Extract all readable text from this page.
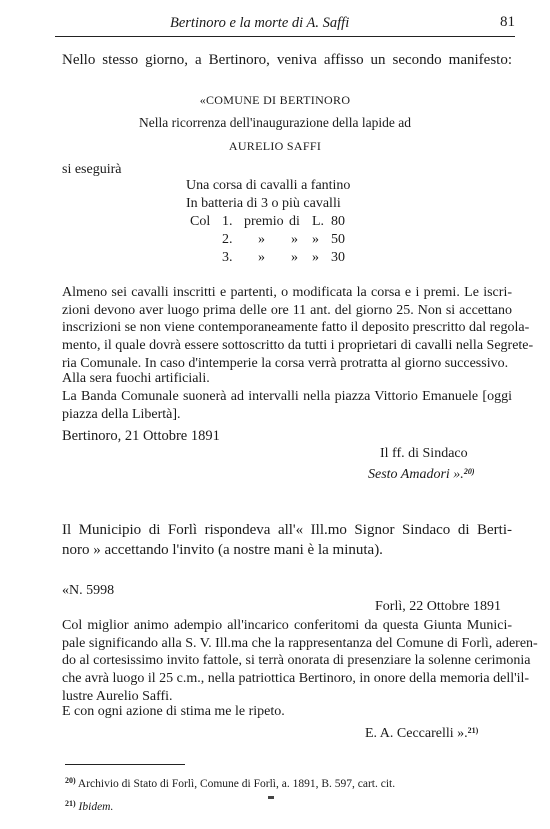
Bertinoro e la morte di A. Saffi	81
Nello stesso giorno, a Bertinoro, veniva affisso un secondo manifesto:
«COMUNE DI BERTINORO
Nella ricorrenza dell'inaugurazione della lapide ad
AURELIO SAFFI
si eseguirà
Una corsa di cavalli a fantino
In batteria di 3 o più cavalli
Col 1. premio di L. 80
2. » » » 50
3. » » » 30
Almeno sei cavalli inscritti e partenti, o modificata la corsa e i premi. Le iscri-
zioni devono aver luogo prima delle ore 11 ant. del giorno 25. Non si accettano
inscrizioni se non viene contemporaneamente fatto il deposito prescritto dal regola-
mento, il quale dovrà essere sottoscritto da tutti i proprietari di cavalli nella Segrete-
ria Comunale. In caso d'intemperie la corsa verrà protratta al giorno successivo.
Alla sera fuochi artificiali.
La Banda Comunale suonerà ad intervalli nella piazza Vittorio Emanuele [oggi
piazza della Libertà].
Bertinoro, 21 Ottobre 1891
Il ff. di Sindaco
Sesto Amadori ».$^{20)}$
Il Municipio di Forlì rispondeva all'« Ill.mo Signor Sindaco di Berti-
noro » accettando l'invito (a nostre mani è la minuta).
«N. 5998
Forlì, 22 Ottobre 1891
Col miglior animo adempio all'incarico conferitomi da questa Giunta Munici-
pale significando alla S. V. Ill.ma che la rappresentanza del Comune di Forlì, aderen-
do al cortesissimo invito fattole, si terrà onorata di presenziare la solenne cerimonia
che avrà luogo il 25 c.m., nella patriottica Bertinoro, in onore della memoria dell'il-
lustre Aurelio Saffi.
E con ogni azione di stima me le ripeto.
E. A. Ceccarelli ».$^{21)}$
$^{20)}$ Archivio di Stato di Forlì, Comune di Forlì, a. 1891, B. 597, cart. cit.
$^{21)}$ Ibidem.
